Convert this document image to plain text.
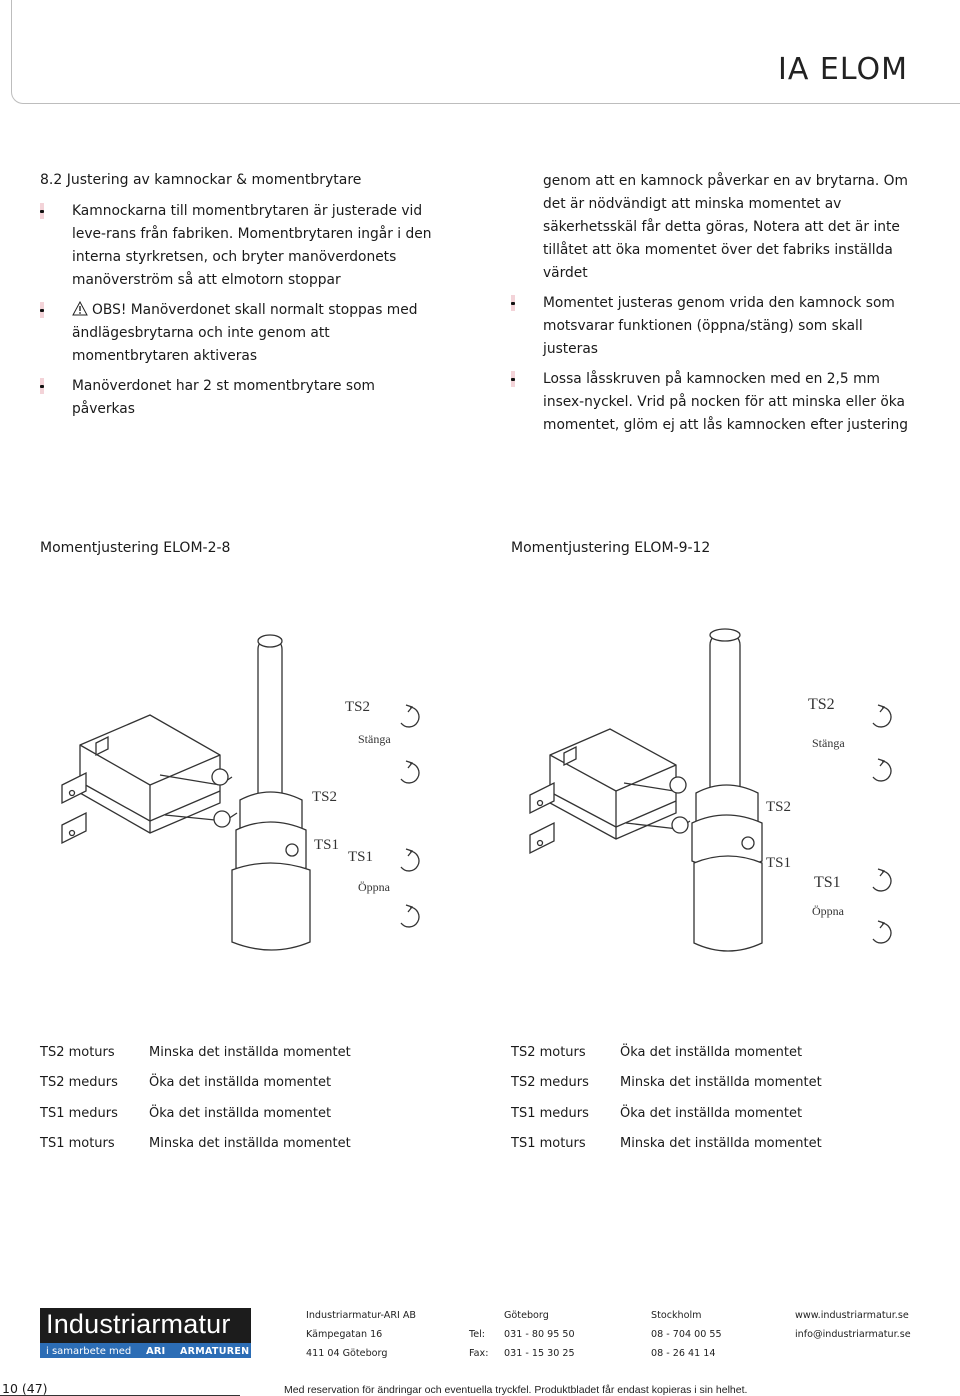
IA ELOM
8.2 Justering av kamnockar & momentbrytare
Kamnockarna till momentbrytaren är justerade vid leve-rans från fabriken. Momentbrytaren ingår i den interna styrkretsen, och bryter manöverdonets manöverström så att elmotorn stoppar
OBS! Manöverdonet skall normalt stoppas med ändlägesbrytarna och inte genom att momentbrytaren aktiveras
Manöverdonet har 2 st momentbrytare som påverkas
genom att en kamnock påverkar en av brytarna. Om det är nödvändigt att minska momentet av säkerhetsskäl får detta göras, Notera att det är inte tillåtet att öka momentet över det fabriks inställda värdet
Momentet justeras genom vrida den kamnock som motsvarar funktionen (öppna/stäng) som skall justeras
Lossa låsskruven på kamnocken med en 2,5 mm insex-nyckel. Vrid på nocken för att minska eller öka momentet, glöm ej att lås kamnocken efter justering
Momentjustering ELOM-2-8	Momentjustering ELOM-9-12
TS2
Stänga
TS2
TS1
TS1
Öppna
TS2
Stänga
TS2
TS1
TS1
Öppna
TS2 moturs	Minska det inställda momentet
TS2 medurs Öka det inställda momentet
TS1 medurs Öka det inställda momentet
TS1 moturs	Minska det inställda momentet
TS2 moturs	Öka det inställda momentet
TS2 medurs Minska det inställda momentet
TS1 medurs Öka det inställda momentet
TS1 moturs	Minska det inställda momentet
Industriarmatur
i samarbete med ARI ARMATUREN
Industriarmatur-ARI AB
Kämpegatan 16
411 04 Göteborg
Tel:
Fax:
Göteborg
031 - 80 95 50
031 - 15 30 25
Stockholm
08 - 704 00 55
08 - 26 41 14
www.industriarmatur.se
info@industriarmatur.se
10 (47)	Med reservation för ändringar och eventuella tryckfel. Produktbladet får endast kopieras i sin helhet.
